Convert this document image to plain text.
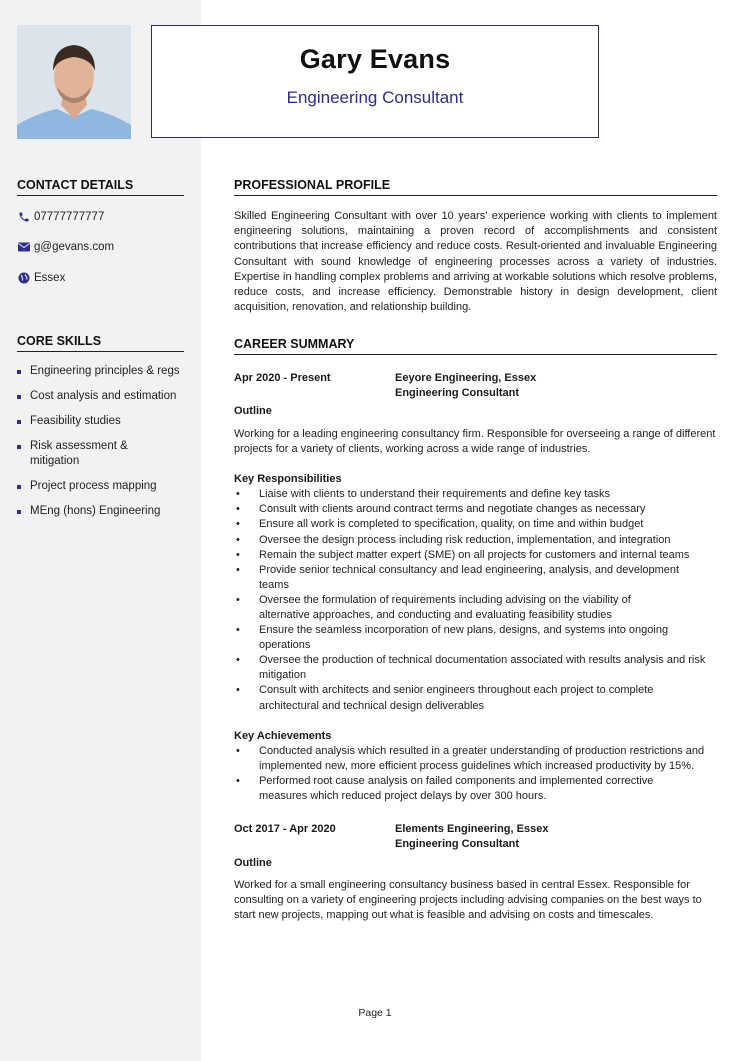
Gary Evans
Engineering Consultant
CONTACT DETAILS
07777777777
g@gevans.com
Essex
CORE SKILLS
Engineering principles & regs
Cost analysis and estimation
Feasibility studies
Risk assessment & mitigation
Project process mapping
MEng (hons) Engineering
PROFESSIONAL PROFILE
Skilled Engineering Consultant with over 10 years’ experience working with clients to implement engineering solutions, maintaining a proven record of accomplishments and consistent contributions that increase efficiency and reduce costs. Result-oriented and invaluable Engineering Consultant with sound knowledge of engineering processes across a variety of industries. Expertise in handling complex problems and arriving at workable solutions which resolve problems, reduce costs, and increase efficiency. Demonstrable history in design development, client acquisition, renovation, and relationship building.
CAREER SUMMARY
Apr 2020 - Present	Eeyore Engineering, Essex
Engineering Consultant
Outline
Working for a leading engineering consultancy firm. Responsible for overseeing a range of different projects for a variety of clients, working across a wide range of industries.
Key Responsibilities
• Liaise with clients to understand their requirements and define key tasks
• Consult with clients around contract terms and negotiate changes as necessary
• Ensure all work is completed to specification, quality, on time and within budget
• Oversee the design process including risk reduction, implementation, and integration
• Remain the subject matter expert (SME) on all projects for customers and internal teams
• Provide senior technical consultancy and lead engineering, analysis, and development teams
• Oversee the formulation of requirements including advising on the viability of alternative approaches, and conducting and evaluating feasibility studies
• Ensure the seamless incorporation of new plans, designs, and systems into ongoing operations
• Oversee the production of technical documentation associated with results analysis and risk mitigation
• Consult with architects and senior engineers throughout each project to complete architectural and technical design deliverables
Key Achievements
• Conducted analysis which resulted in a greater understanding of production restrictions and implemented new, more efficient process guidelines which increased productivity by 15%.
• Performed root cause analysis on failed components and implemented corrective measures which reduced project delays by over 300 hours.
Oct 2017 - Apr 2020	Elements Engineering, Essex
Engineering Consultant
Outline
Worked for a small engineering consultancy business based in central Essex. Responsible for consulting on a variety of engineering projects including advising companies on the best ways to start new projects, mapping out what is feasible and advising on costs and timescales.
Page 1
